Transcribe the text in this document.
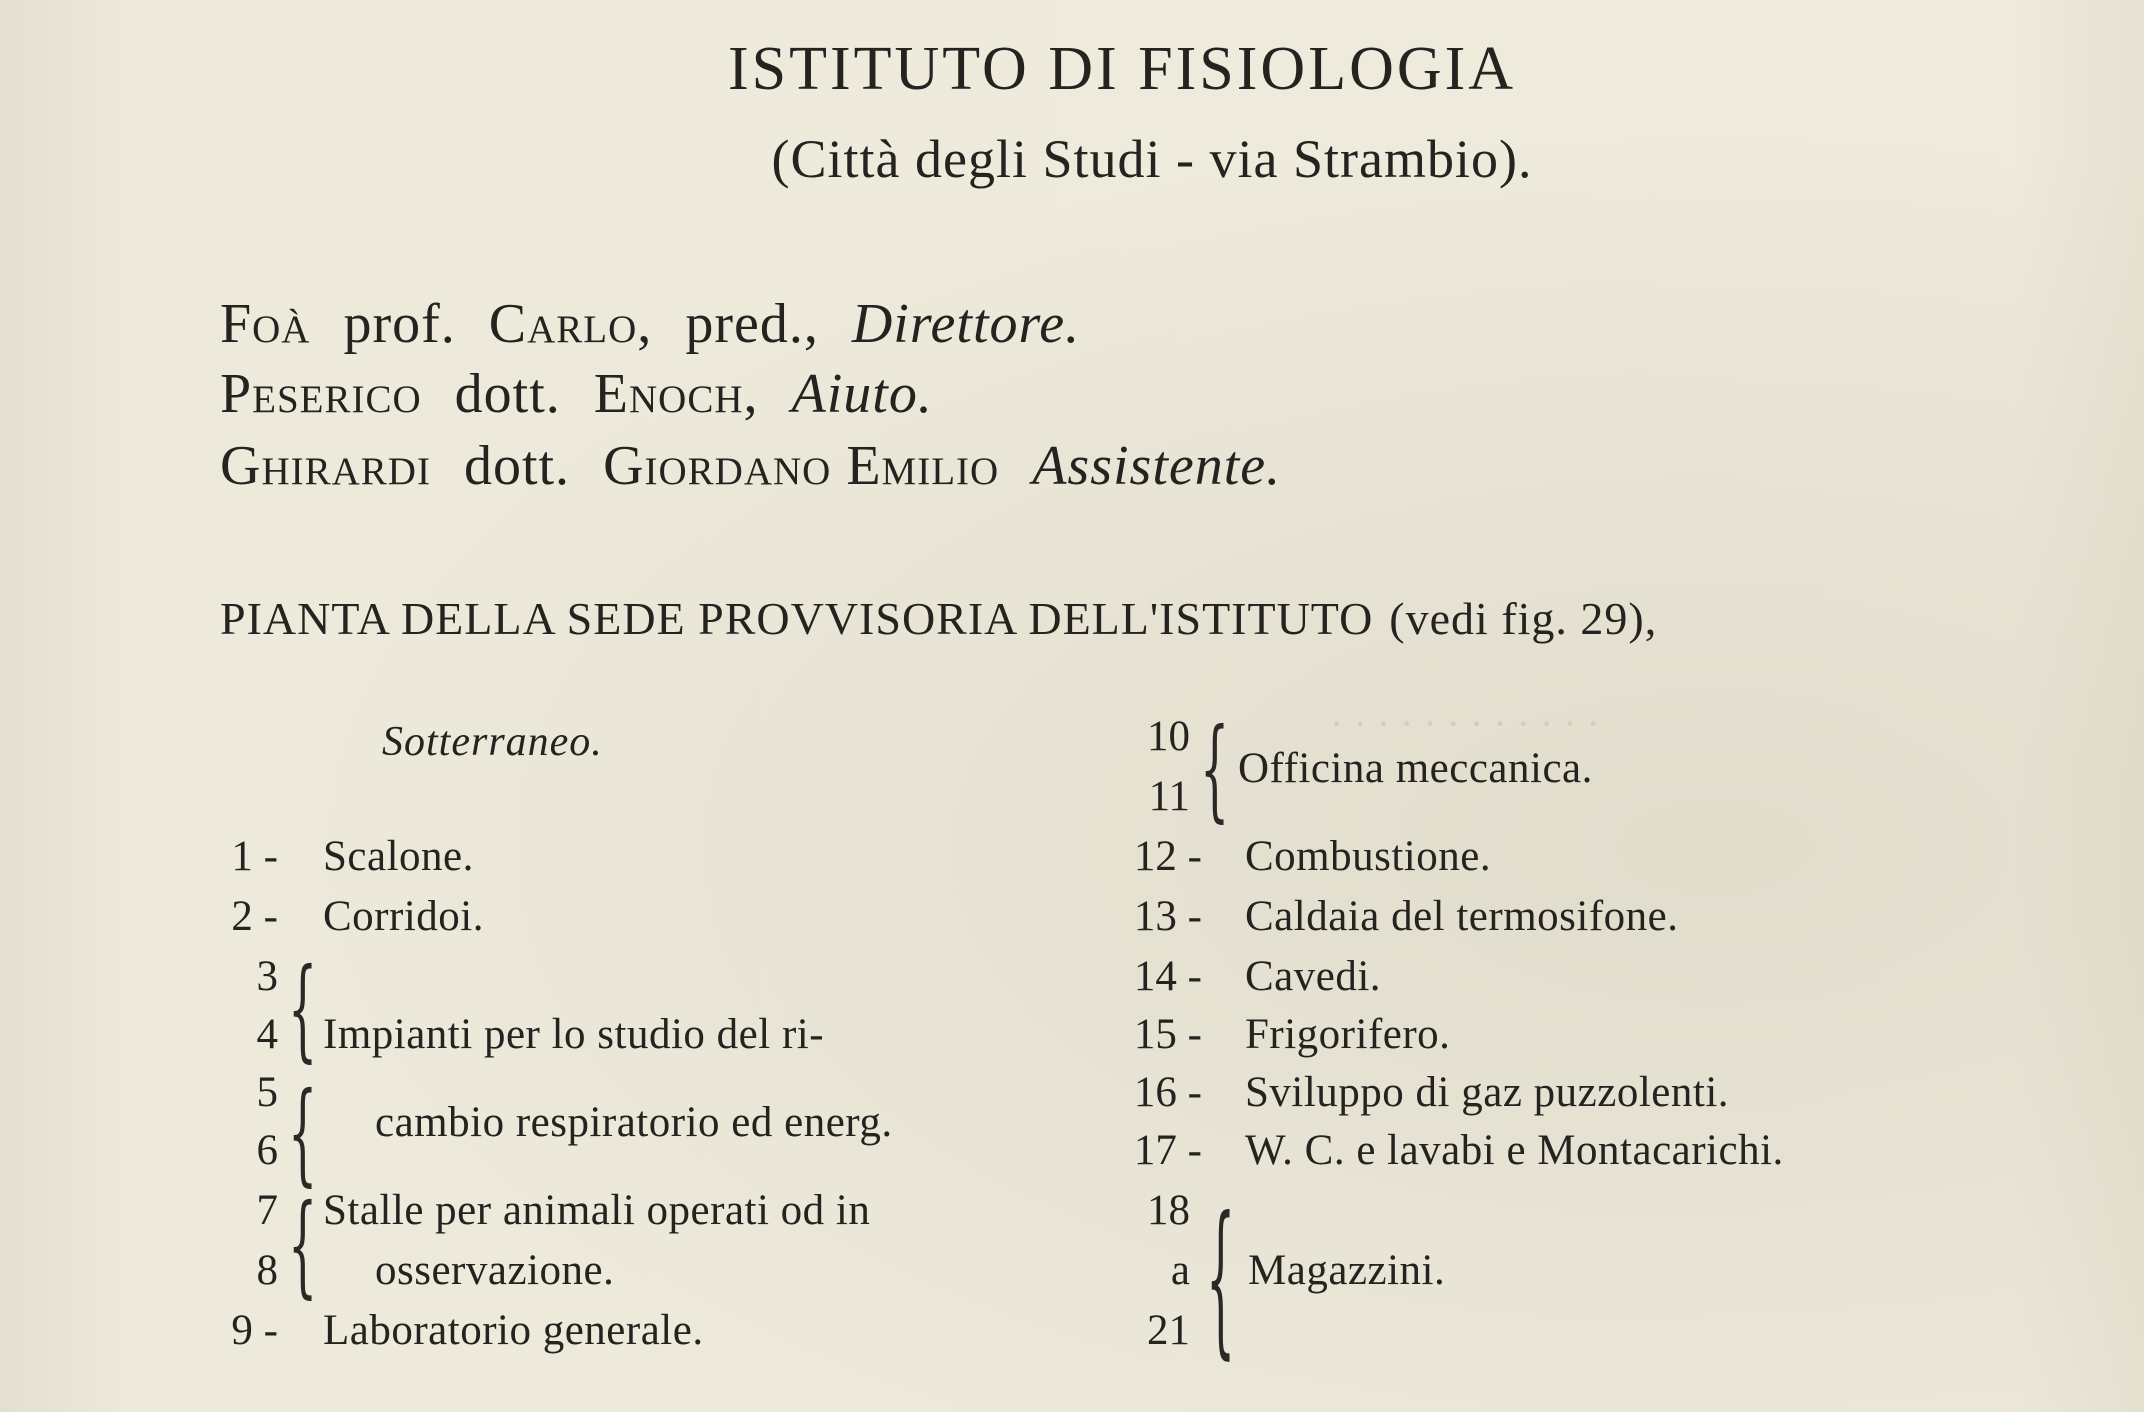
· · · · · · · · · · · ·
ISTITUTO DI FISIOLOGIA
(Città degli Studi - via Strambio).
Foà prof. Carlo, pred., Direttore.
Peserico dott. Enoch, Aiuto.
Ghirardi dott. Giordano Emilio Assistente.
PIANTA DELLA SEDE PROVVISORIA DELL'ISTITUTO (vedi fig. 29),
Sotterraneo.
1 - Scalone.
2 - Corridoi.
3
4 { Impianti per lo studio del ri-
5
6 { cambio respiratorio ed energ.
7
8 { Stalle per animali operati od in
osservazione.
9 - Laboratorio generale.
10
11 { Officina meccanica.
12 - Combustione.
13 - Caldaia del termosifone.
14 - Cavedi.
15 - Frigorifero.
16 - Sviluppo di gaz puzzolenti.
17 - W. C. e lavabi e Montacarichi.
18
a
21 { Magazzini.
